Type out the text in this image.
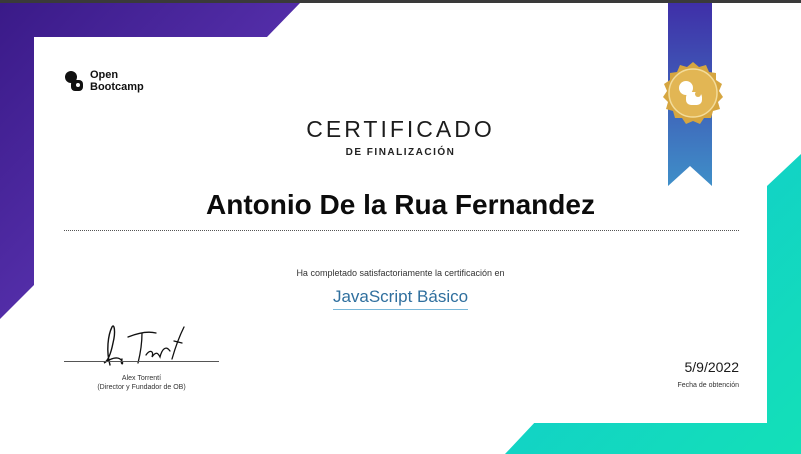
Open
Bootcamp
CERTIFICADO
DE FINALIZACIÓN
Antonio De la Rua Fernandez
Ha completado satisfactoriamente la certificación en
JavaScript Básico
Alex Torrentí
(Director y Fundador de OB)
5/9/2022
Fecha de obtención
